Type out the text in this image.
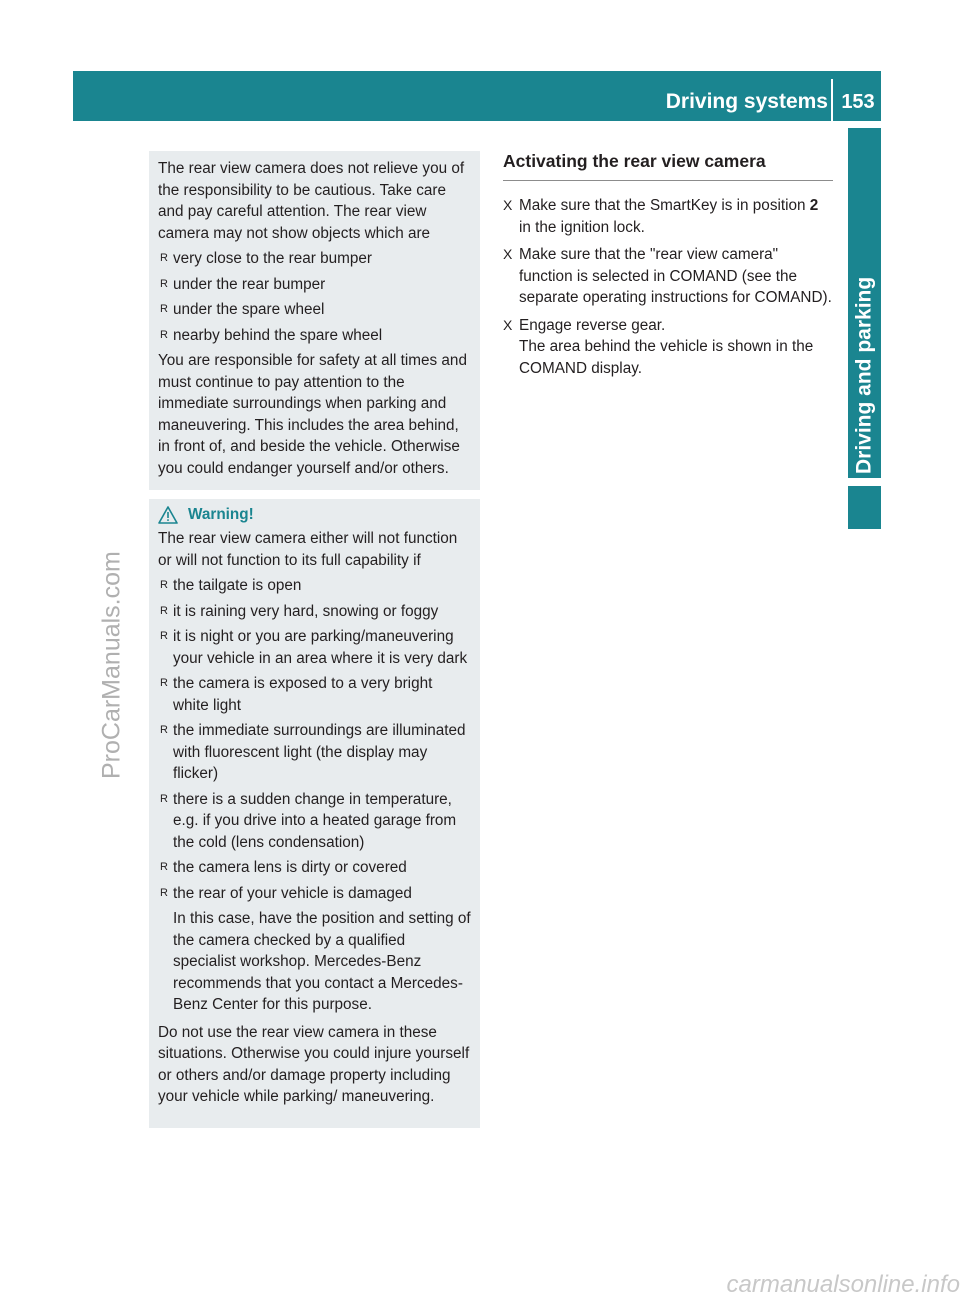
Driving systems 153
Driving and parking
ProCarManuals.com

The rear view camera does not relieve you of the responsibility to be cautious. Take care and pay careful attention. The rear view camera may not show objects which are

R very close to the rear bumper
R under the rear bumper
R under the spare wheel
R nearby behind the spare wheel

You are responsible for safety at all times and must continue to pay attention to the immediate surroundings when parking and maneuvering. This includes the area behind, in front of, and beside the vehicle. Otherwise you could endanger yourself and/or others.

Warning!

The rear view camera either will not function or will not function to its full capability if

R the tailgate is open
R it is raining very hard, snowing or foggy
R it is night or you are parking/maneuvering your vehicle in an area where it is very dark
R the camera is exposed to a very bright white light
R the immediate surroundings are illuminated with fluorescent light (the display may flicker)
R there is a sudden change in temperature, e.g. if you drive into a heated garage from the cold (lens condensation)
R the camera lens is dirty or covered
R the rear of your vehicle is damaged

In this case, have the position and setting of the camera checked by a qualified specialist workshop. Mercedes-Benz recommends that you contact a Mercedes-Benz Center for this purpose.

Do not use the rear view camera in these situations. Otherwise you could injure yourself or others and/or damage property including your vehicle while parking/ maneuvering.

Activating the rear view camera
X Make sure that the SmartKey is in position 2 in the ignition lock.
X Make sure that the "rear view camera" function is selected in COMAND (see the separate operating instructions for COMAND).
X Engage reverse gear.
The area behind the vehicle is shown in the COMAND display.
carmanualsonline.info
